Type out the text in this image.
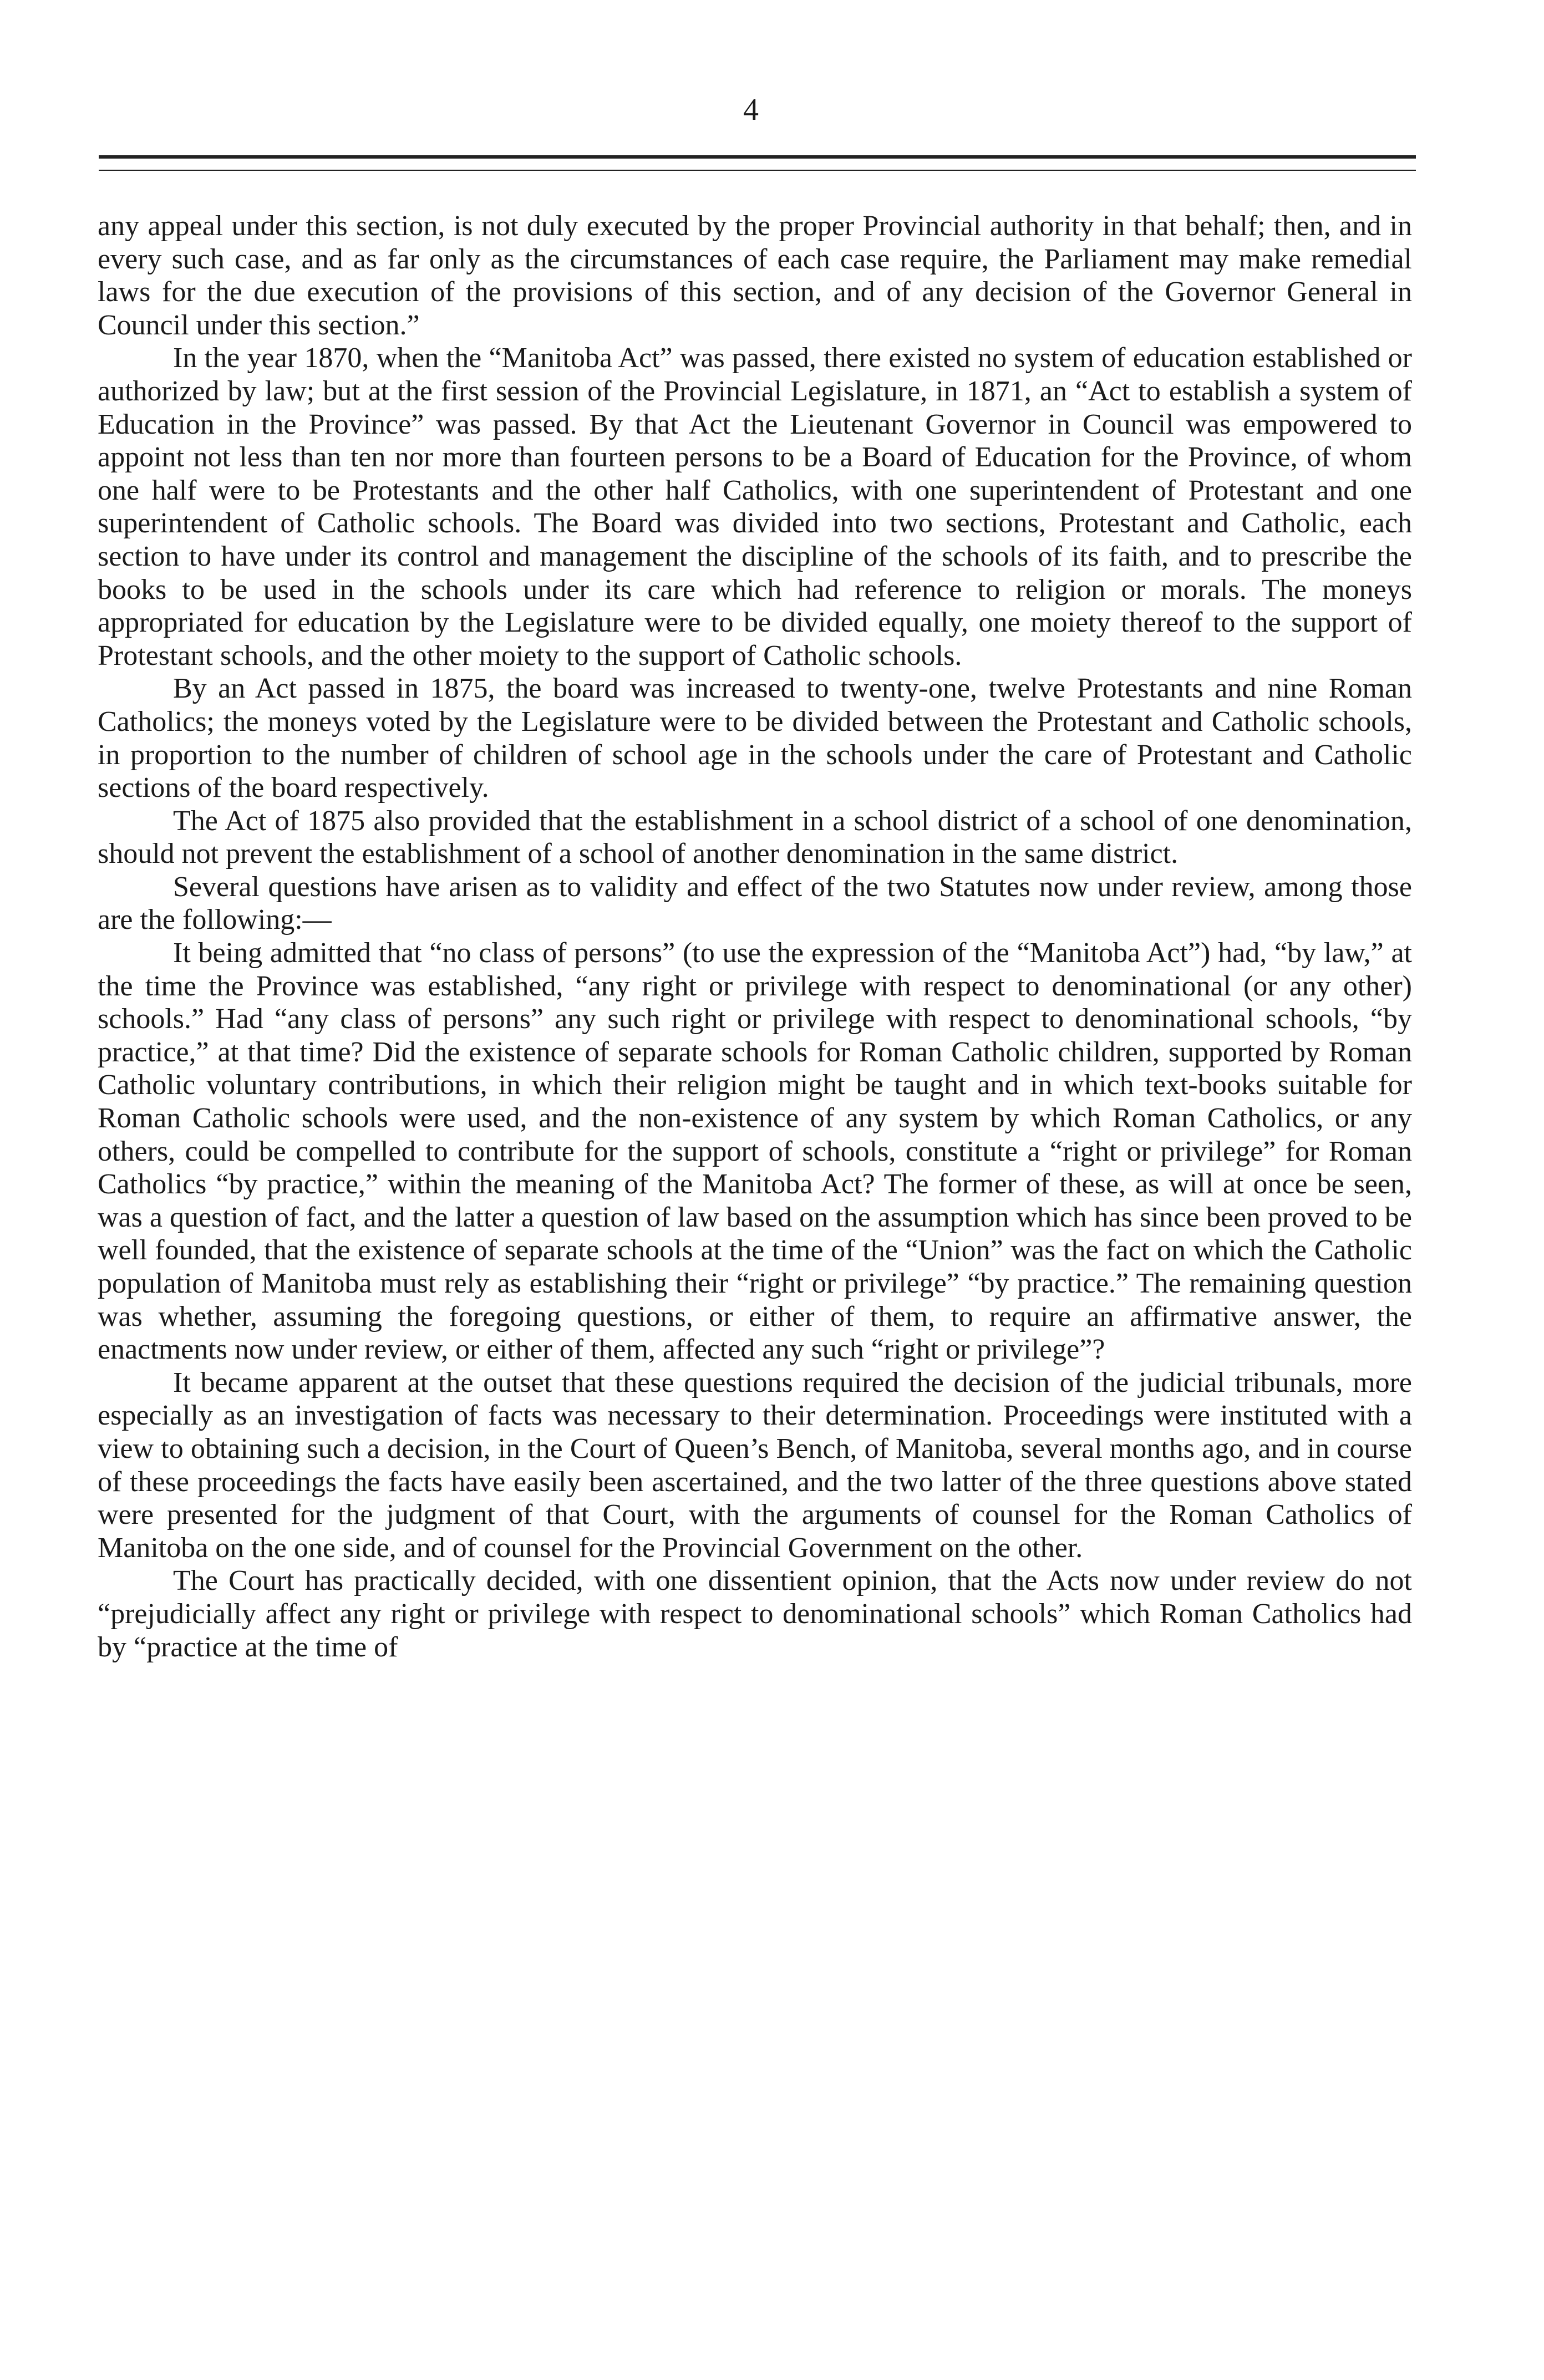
4

any appeal under this section, is not duly executed by the proper Provincial authority in that behalf; then, and in every such case, and as far only as the circumstances of each case require, the Parliament may make remedial laws for the due execution of the provisions of this section, and of any decision of the Governor General in Council under this section.”

In the year 1870, when the “Manitoba Act” was passed, there existed no system of education established or authorized by law; but at the first session of the Provincial Legislature, in 1871, an “Act to establish a system of Education in the Province” was passed. By that Act the Lieutenant Governor in Council was empowered to appoint not less than ten nor more than fourteen persons to be a Board of Education for the Province, of whom one half were to be Protestants and the other half Catholics, with one superintendent of Protestant and one superintendent of Catholic schools. The Board was divided into two sections, Protestant and Catholic, each section to have under its control and management the discipline of the schools of its faith, and to prescribe the books to be used in the schools under its care which had reference to religion or morals. The moneys appropriated for education by the Legislature were to be divided equally, one moiety thereof to the support of Protestant schools, and the other moiety to the support of Catholic schools.

By an Act passed in 1875, the board was increased to twenty-one, twelve Protestants and nine Roman Catholics; the moneys voted by the Legislature were to be divided between the Protestant and Catholic schools, in proportion to the number of children of school age in the schools under the care of Protestant and Catholic sections of the board respectively.

The Act of 1875 also provided that the establishment in a school district of a school of one denomination, should not prevent the establishment of a school of another denomination in the same district.

Several questions have arisen as to validity and effect of the two Statutes now under review, among those are the following:—

It being admitted that “no class of persons” (to use the expression of the “Manitoba Act”) had, “by law,” at the time the Province was established, “any right or privilege with respect to denominational (or any other) schools.” Had “any class of persons” any such right or privilege with respect to denominational schools, “by practice,” at that time? Did the existence of separate schools for Roman Catholic children, supported by Roman Catholic voluntary contributions, in which their religion might be taught and in which text-books suitable for Roman Catholic schools were used, and the non-existence of any system by which Roman Catholics, or any others, could be compelled to contribute for the support of schools, constitute a “right or privilege” for Roman Catholics “by practice,” within the meaning of the Manitoba Act? The former of these, as will at once be seen, was a question of fact, and the latter a question of law based on the assumption which has since been proved to be well founded, that the existence of separate schools at the time of the “Union” was the fact on which the Catholic population of Manitoba must rely as establishing their “right or privilege” “by practice.” The remaining question was whether, assuming the foregoing questions, or either of them, to require an affirmative answer, the enactments now under review, or either of them, affected any such “right or privilege”?

It became apparent at the outset that these questions required the decision of the judicial tribunals, more especially as an investigation of facts was necessary to their determination. Proceedings were instituted with a view to obtaining such a decision, in the Court of Queen’s Bench, of Manitoba, several months ago, and in course of these proceedings the facts have easily been ascertained, and the two latter of the three questions above stated were presented for the judgment of that Court, with the arguments of counsel for the Roman Catholics of Manitoba on the one side, and of counsel for the Provincial Government on the other.

The Court has practically decided, with one dissentient opinion, that the Acts now under review do not “prejudicially affect any right or privilege with respect to denominational schools” which Roman Catholics had by “practice at the time of
